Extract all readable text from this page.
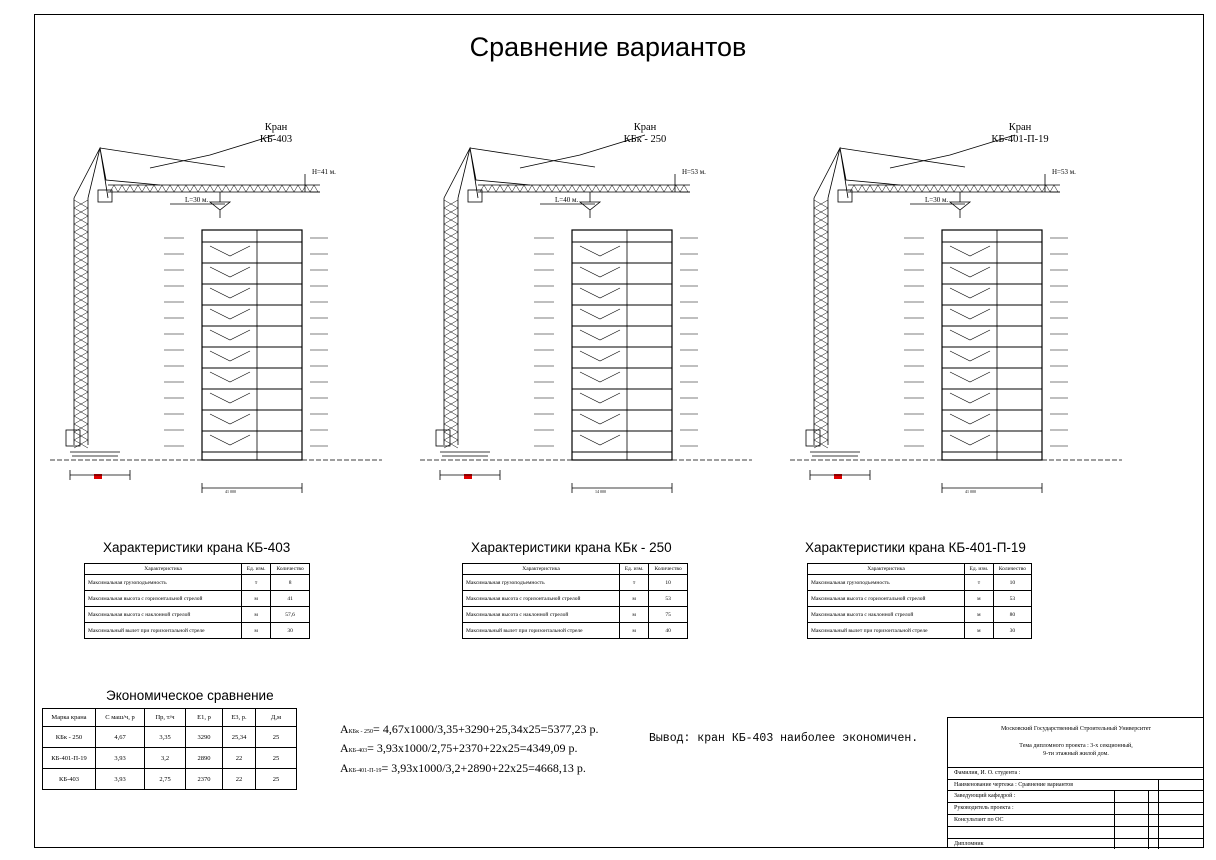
Сравнение вариантов
Кран
КБ-403
Кран
КБк - 250
Кран
КБ-401-П-19
H=41 м.
L=30 м.
41 000
H=53 м.
L=40 м.
14 000
H=53 м.
L=30 м.
41 000
Характеристики крана КБ-403	Характеристики крана КБк - 250	Характеристики крана КБ-401-П-19
Характеристика	Ед. изм.	Количество
Максимальная грузоподъемность	т	8
Максимальная высота с горизонтальной стрелой	м	41
Максимальная высота с наклонной стрелой	м	57,6
Максимальный вылет при горизонтальной стреле	м	30
Характеристика	Ед. изм.	Количество
Максимальная грузоподъемность	т	10
Максимальная высота с горизонтальной стрелой	м	53
Максимальная высота с наклонной стрелой	м	75
Максимальный вылет при горизонтальной стреле	м	40
Характеристика	Ед. изм.	Количество
Максимальная грузоподъемность	т	10
Максимальная высота с горизонтальной стрелой	м	53
Максимальная высота с наклонной стрелой	м	80
Максимальный вылет при горизонтальной стреле	м	30
Экономическое сравнение
Марка крана	С маш/ч, р	Пр, т/ч	Е1, р	Е3, р.	Д,м
КБк - 250	4,67	3,35	3290	25,34	25
КБ-401-П-19	3,93	3,2	2890	22	25
КБ-403	3,93	2,75	2370	22	25
АКБк - 250= 4,67х1000/3,35+3290+25,34х25=5377,23 р.
АКБ-403= 3,93х1000/2,75+2370+22х25=4349,09 р.
АКБ-401-П-19= 3,93х1000/3,2+2890+22х25=4668,13 р.
Вывод: кран КБ-403 наиболее экономичен.
Московский Государственный Строительный Университет
Тема дипломного проекта : 3-х секционный,
9-ти этажный жилой дом.
Фамилия, И. О. студента :
Наименование чертежа : Сравнение вариантов
Заведующий кафедрой :
Руководитель проекта :
Консультант по ОС
Дипломник
